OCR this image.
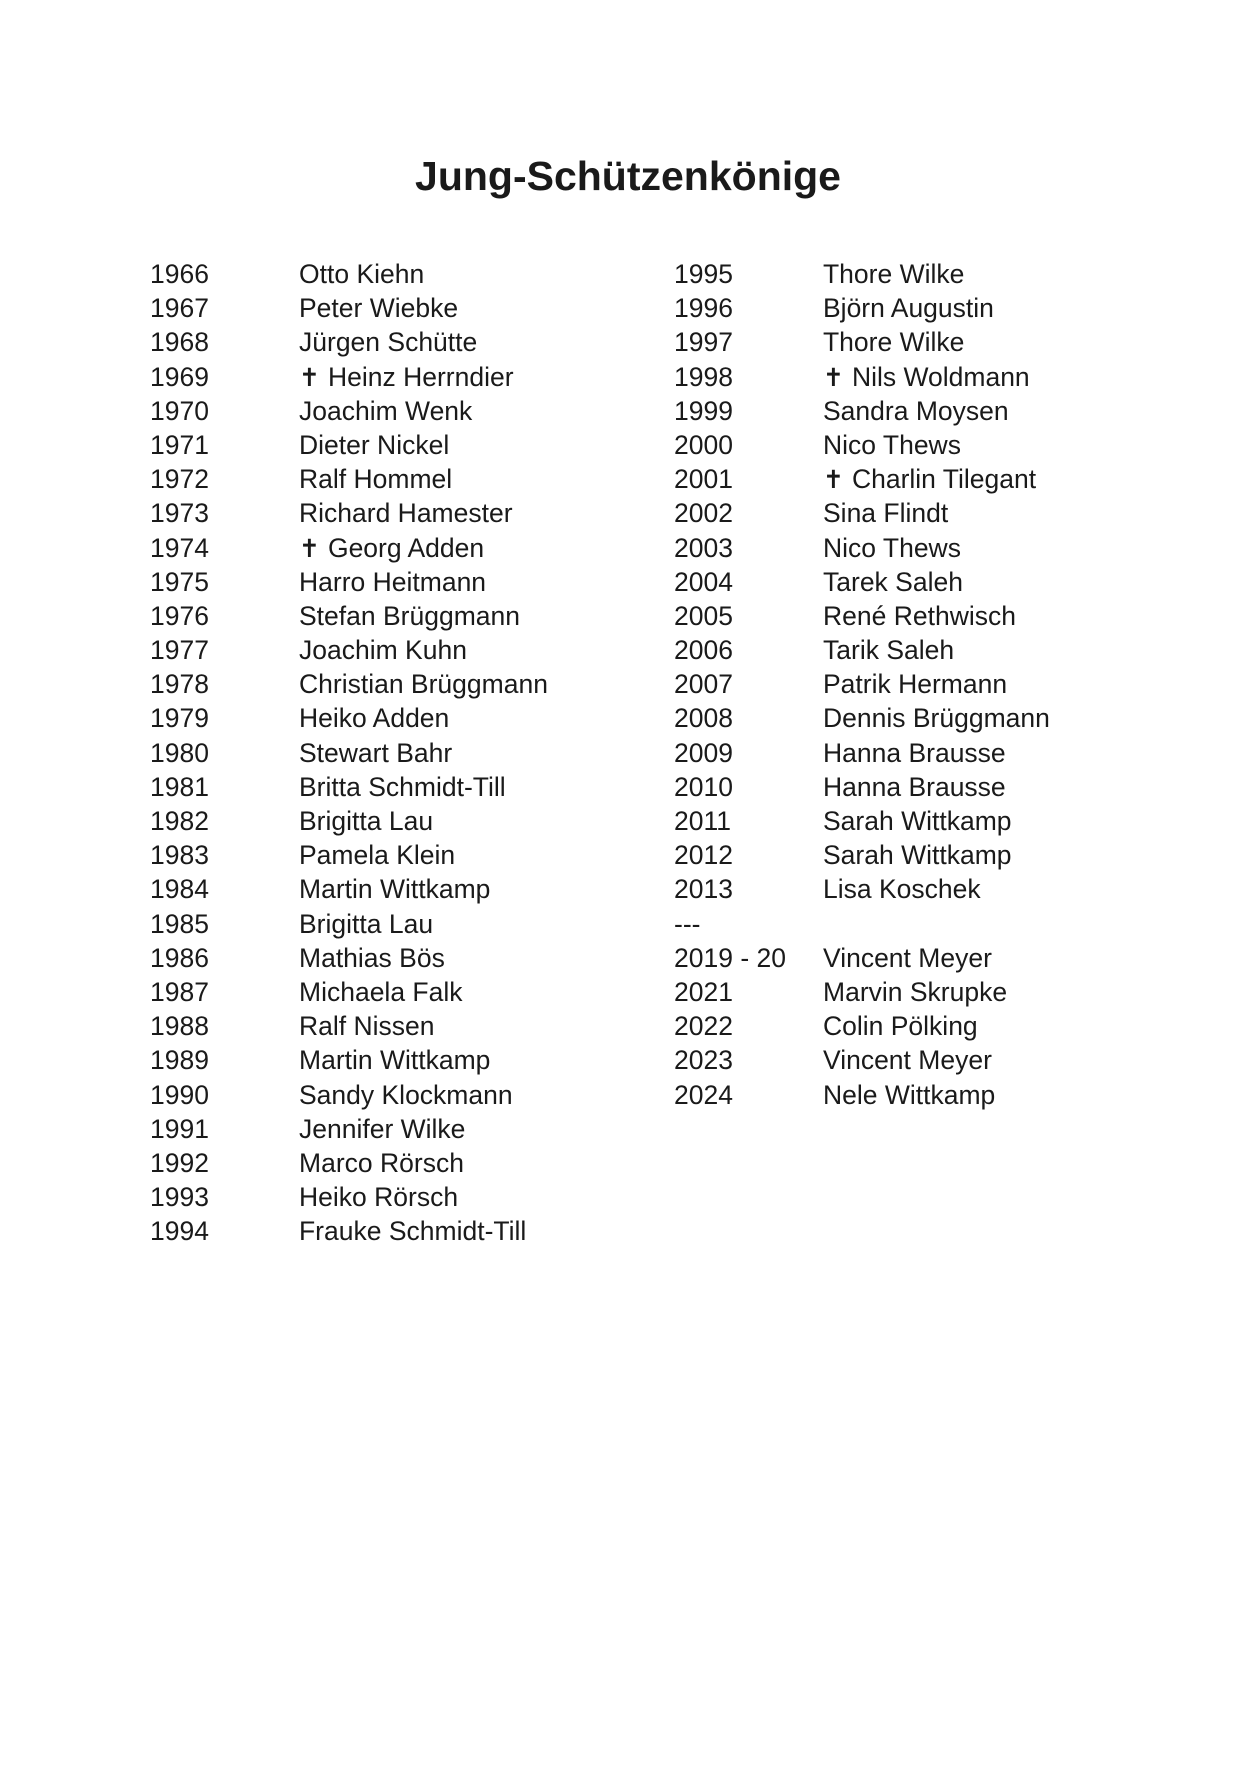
Jung-Schützenkönige
1966	Otto Kiehn
1967	Peter Wiebke
1968	Jürgen Schütte
1969	✝ Heinz Herrndier
1970	Joachim Wenk
1971	Dieter Nickel
1972	Ralf Hommel
1973	Richard Hamester
1974	✝ Georg Adden
1975	Harro Heitmann
1976	Stefan Brüggmann
1977	Joachim Kuhn
1978	Christian Brüggmann
1979	Heiko Adden
1980	Stewart Bahr
1981	Britta Schmidt-Till
1982	Brigitta Lau
1983	Pamela Klein
1984	Martin Wittkamp
1985	Brigitta Lau
1986	Mathias Bös
1987	Michaela Falk
1988	Ralf Nissen
1989	Martin Wittkamp
1990	Sandy Klockmann
1991	Jennifer Wilke
1992	Marco Rörsch
1993	Heiko Rörsch
1994	Frauke Schmidt-Till
1995	Thore Wilke
1996	Björn Augustin
1997	Thore Wilke
1998	✝ Nils Woldmann
1999	Sandra Moysen
2000	Nico Thews
2001	✝ Charlin Tilegant
2002	Sina Flindt
2003	Nico Thews
2004	Tarek Saleh
2005	René Rethwisch
2006	Tarik Saleh
2007	Patrik Hermann
2008	Dennis Brüggmann
2009	Hanna Brausse
2010	Hanna Brausse
2011	Sarah Wittkamp
2012	Sarah Wittkamp
2013	Lisa Koschek
---
2019 - 20	Vincent Meyer
2021	Marvin Skrupke
2022	Colin Pölking
2023	Vincent Meyer
2024	Nele Wittkamp
